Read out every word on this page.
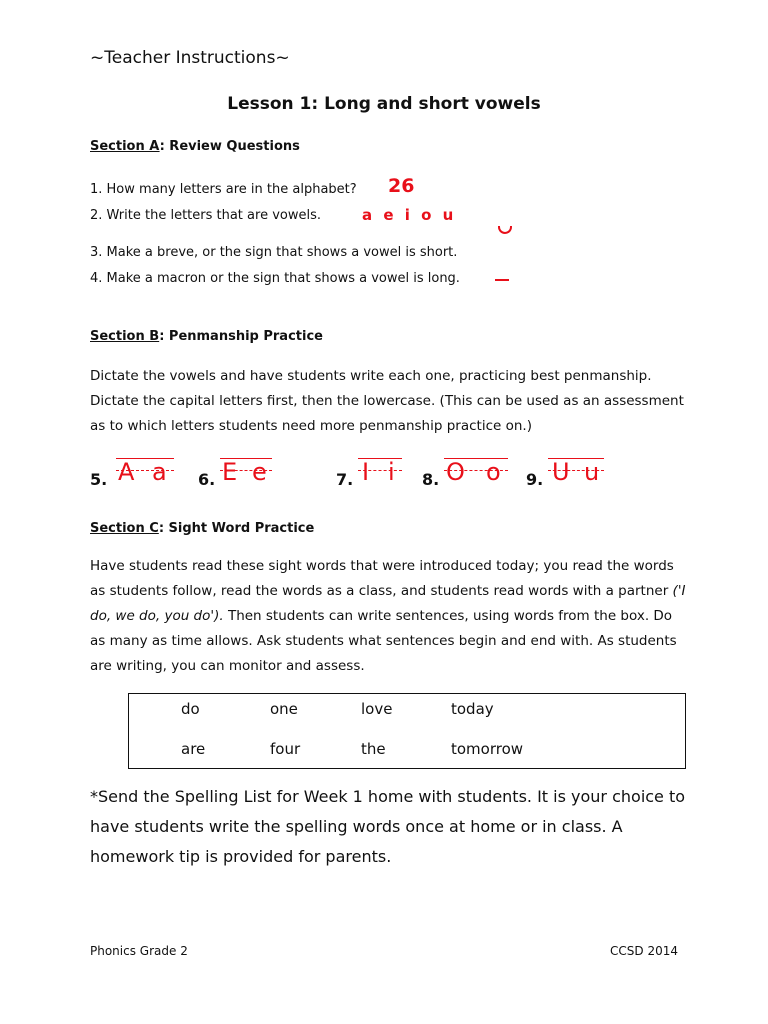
~Teacher Instructions~
Lesson 1: Long and short vowels
Section A: Review Questions
1. How many letters are in the alphabet? 26
2. Write the letters that are vowels.	a e i o u
3. Make a breve, or the sign that shows a vowel is short.
4. Make a macron or the sign that shows a vowel is long.
Section B: Penmanship Practice
Dictate the vowels and have students write each one, practicing best penmanship. Dictate the capital letters first, then the lowercase. (This can be used as an assessment as to which letters students need more penmanship practice on.)
5. A a 6. E e	7. I i 8. O o 9. U u
Section C: Sight Word Practice
Have students read these sight words that were introduced today; you read the words as students follow, read the words as a class, and students read words with a partner ('I do, we do, you do'). Then students can write sentences, using words from the box. Do as many as time allows. Ask students what sentences begin and end with. As students are writing, you can monitor and assess.
do	one	love	today
are	four	the	tomorrow
*Send the Spelling List for Week 1 home with students. It is your choice to have students write the spelling words once at home or in class. A homework tip is provided for parents.
Phonics Grade 2	CCSD 2014
